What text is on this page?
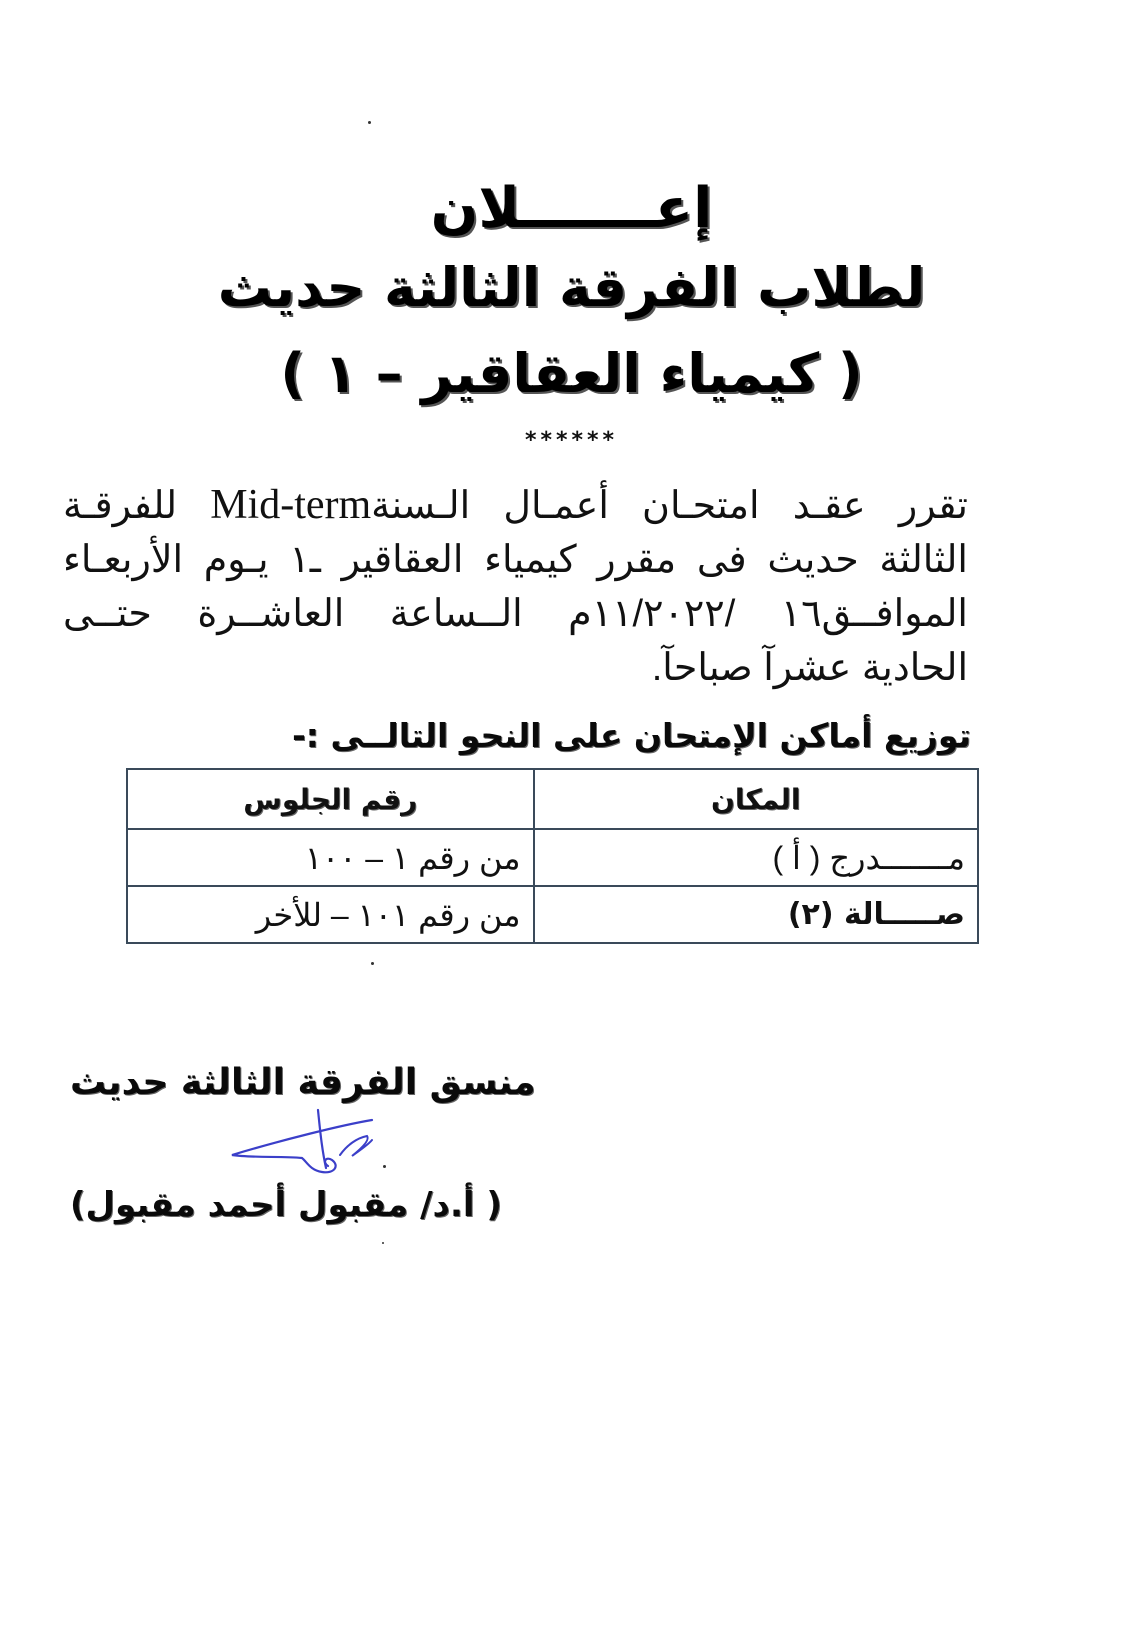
إعـــــــلان
لطلاب الفرقة الثالثة حديث
( كيمياء العقاقير – ١ )
******
تقرر عقـد امتحـان أعمـال الـسنةMid-term للفرقـة
الثالثة حديث فى مقرر كيمياء العقاقير ـ١ يـوم الأربعـاء
الموافــق١٦ /١١/٢٠٢٢م الــساعة العاشــرة حتــى
الحادية عشرآ صباحآ.
توزيع أماكن الإمتحان على النحو التالــى :-
المكان	رقم الجلوس
مـــــــدرج ( أ )	من رقم ١ – ١٠٠
صـــــالة (٢)	من رقم ١٠١ – للأخر
منسق الفرقة الثالثة حديث
( أ.د/ مقبول أحمد مقبول)
